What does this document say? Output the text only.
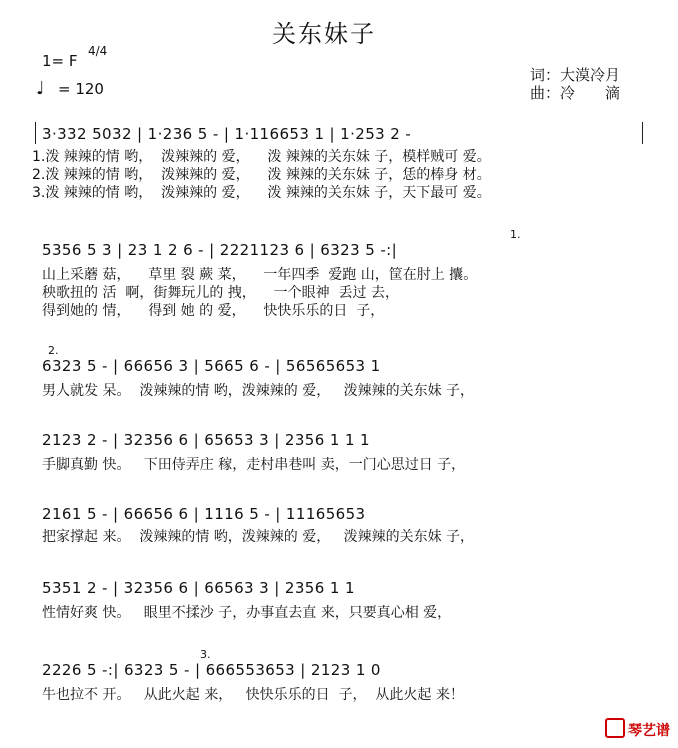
关东妹子
1= F
4/4
♩ = 120
词：大漠冷月
曲：冷　　滴
3·332 5032 | 1·236 5 - | 1·116653 1 | 1·253 2 -
1.泼 辣辣的情 哟，  泼辣辣的 爱，    泼 辣辣的关东妹 子，模样贼可 爱。
2.泼 辣辣的情 哟，  泼辣辣的 爱，    泼 辣辣的关东妹 子，恁的棒身 材。
3.泼 辣辣的情 哟，  泼辣辣的 爱，    泼 辣辣的关东妹 子，天下最可 爱。
5356 5 3 | 23 1 2 6 - | 2221123 6 | 6323 5 -:|
山上采蘑 菇，    草里 裂 蕨 菜，    一年四季  爱跑 山，筐在肘上 攮。
秧歌扭的 活  啊，街舞玩儿的 拽，    一个眼神  丢过 去，
得到她的 情，    得到 她 的 爱，    快快乐乐的日  子，
1.
2.
6323 5 - | 66656 3 | 5665 6 - | 56565653 1
男人就发 呆。  泼辣辣的情 哟，泼辣辣的 爱，   泼辣辣的关东妹 子，
2123 2 - | 32356 6 | 65653 3 | 2356 1 1 1
手脚真勤 快。   下田侍弄庄 稼，走村串巷叫 卖，一门心思过日 子，
2161 5 - | 66656 6 | 1116 5 - | 11165653
把家撑起 来。  泼辣辣的情 哟，泼辣辣的 爱，   泼辣辣的关东妹 子，
5351 2 - | 32356 6 | 66563 3 | 2356 1 1
性情好爽 快。   眼里不揉沙 子，办事直去直 来，只要真心相 爱，
3.
2226 5 -:| 6323 5 - | 666553653 | 2123 1 0
牛也拉不 开。   从此火起 来，   快快乐乐的日  子，  从此火起 来！
琴艺谱
